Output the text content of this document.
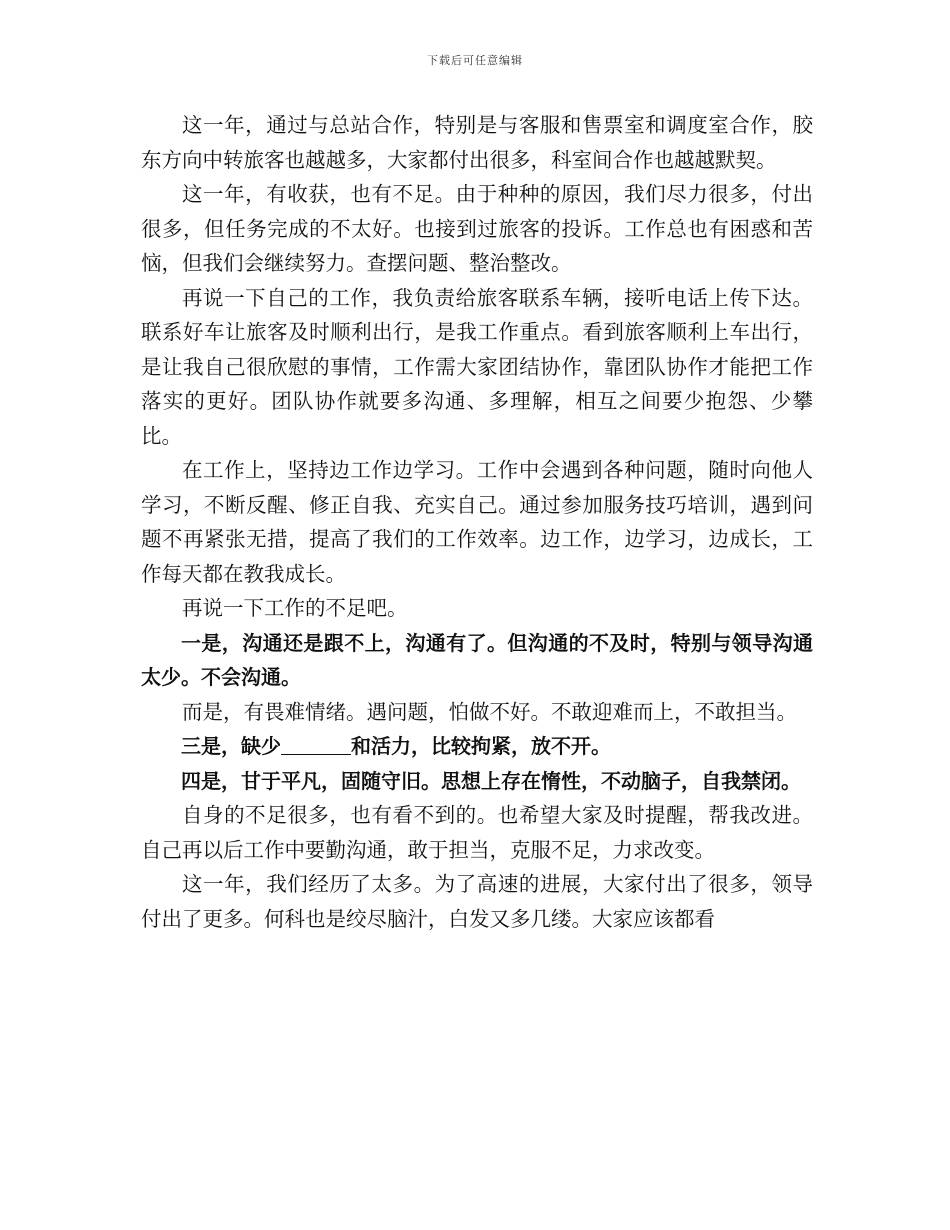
下载后可任意编辑

这一年，通过与总站合作，特别是与客服和售票室和调度室合作，胶东方向中转旅客也越越多，大家都付出很多，科室间合作也越越默契。

这一年，有收获，也有不足。由于种种的原因，我们尽力很多，付出很多，但任务完成的不太好。也接到过旅客的投诉。工作总也有困惑和苦恼，但我们会继续努力。查摆问题、整治整改。

再说一下自己的工作，我负责给旅客联系车辆，接听电话上传下达。联系好车让旅客及时顺利出行，是我工作重点。看到旅客顺利上车出行，是让我自己很欣慰的事情，工作需大家团结协作，靠团队协作才能把工作落实的更好。团队协作就要多沟通、多理解，相互之间要少抱怨、少攀比。

在工作上，坚持边工作边学习。工作中会遇到各种问题，随时向他人学习，不断反醒、修正自我、充实自己。通过参加服务技巧培训，遇到问题不再紧张无措，提高了我们的工作效率。边工作，边学习，边成长，工作每天都在教我成长。

再说一下工作的不足吧。

一是，沟通还是跟不上，沟通有了。但沟通的不及时，特别与领导沟通太少。不会沟通。

而是，有畏难情绪。遇问题，怕做不好。不敢迎难而上，不敢担当。

三是，缺少	和活力，比较拘紧，放不开。

四是，甘于平凡，固随守旧。思想上存在惰性，不动脑子，自我禁闭。

自身的不足很多，也有看不到的。也希望大家及时提醒，帮我改进。自己再以后工作中要勤沟通，敢于担当，克服不足，力求改变。

这一年，我们经历了太多。为了高速的进展，大家付出了很多，领导付出了更多。何科也是绞尽脑汁，白发又多几缕。大家应该都看
